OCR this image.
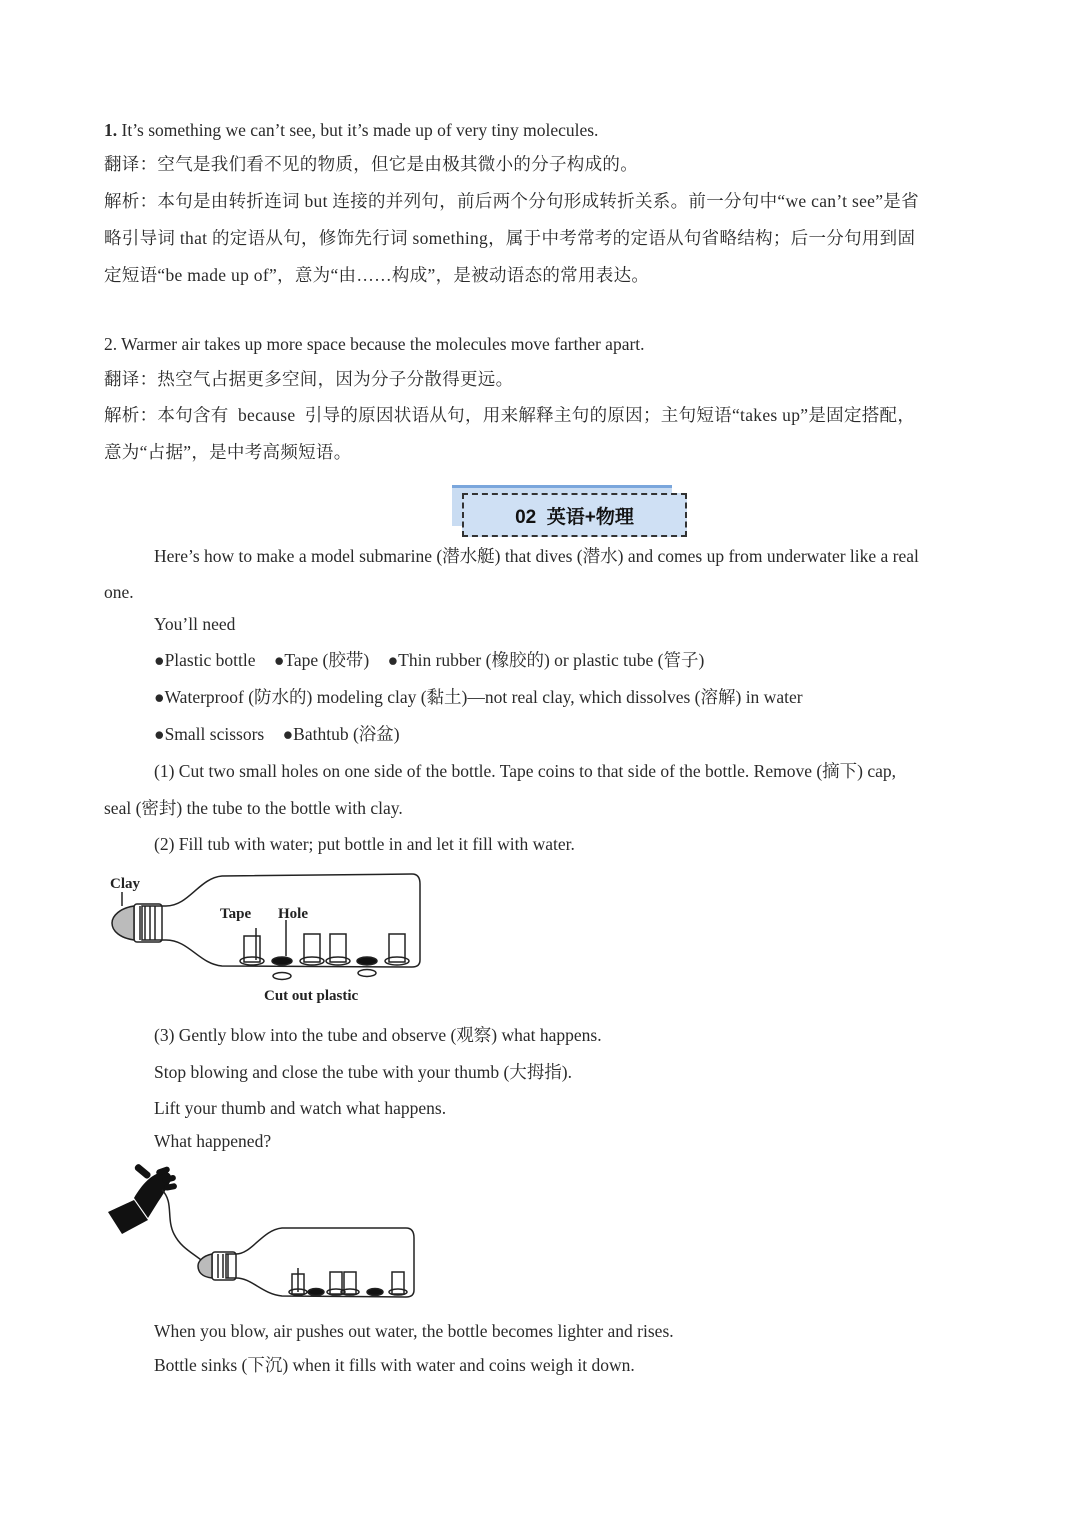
1. It’s something we can’t see, but it’s made up of very tiny molecules.
翻译：空气是我们看不见的物质，但它是由极其微小的分子构成的。
解析：本句是由转折连词 but 连接的并列句，前后两个分句形成转折关系。前一分句中“we can’t see”是省
略引导词 that 的定语从句，修饰先行词 something，属于中考常考的定语从句省略结构；后一分句用到固
定短语“be made up of”，意为“由……构成”，是被动语态的常用表达。
2. Warmer air takes up more space because the molecules move farther apart.
翻译：热空气占据更多空间，因为分子分散得更远。
解析：本句含有  because  引导的原因状语从句，用来解释主句的原因；主句短语“takes up”是固定搭配，
意为“占据”，是中考高频短语。
02  英语+物理
Here’s how to make a model submarine (潜水艇) that dives (潜水) and comes up from underwater like a real
one.
You’ll need
●Plastic bottle ●Tape (胶带) ●Thin rubber (橡胶的) or plastic tube (管子)
●Waterproof (防水的) modeling clay (黏土)—not real clay, which dissolves (溶解) in water
●Small scissors ●Bathtub (浴盆)
(1) Cut two small holes on one side of the bottle. Tape coins to that side of the bottle. Remove (摘下) cap,
seal (密封) the tube to the bottle with clay.
(2) Fill tub with water; put bottle in and let it fill with water.
Clay
Tape Hole
Cut out plastic
(3) Gently blow into the tube and observe (观察) what happens.
Stop blowing and close the tube with your thumb (大拇指).
Lift your thumb and watch what happens.
What happened?
When you blow, air pushes out water, the bottle becomes lighter and rises.
Bottle sinks (下沉) when it fills with water and coins weigh it down.
